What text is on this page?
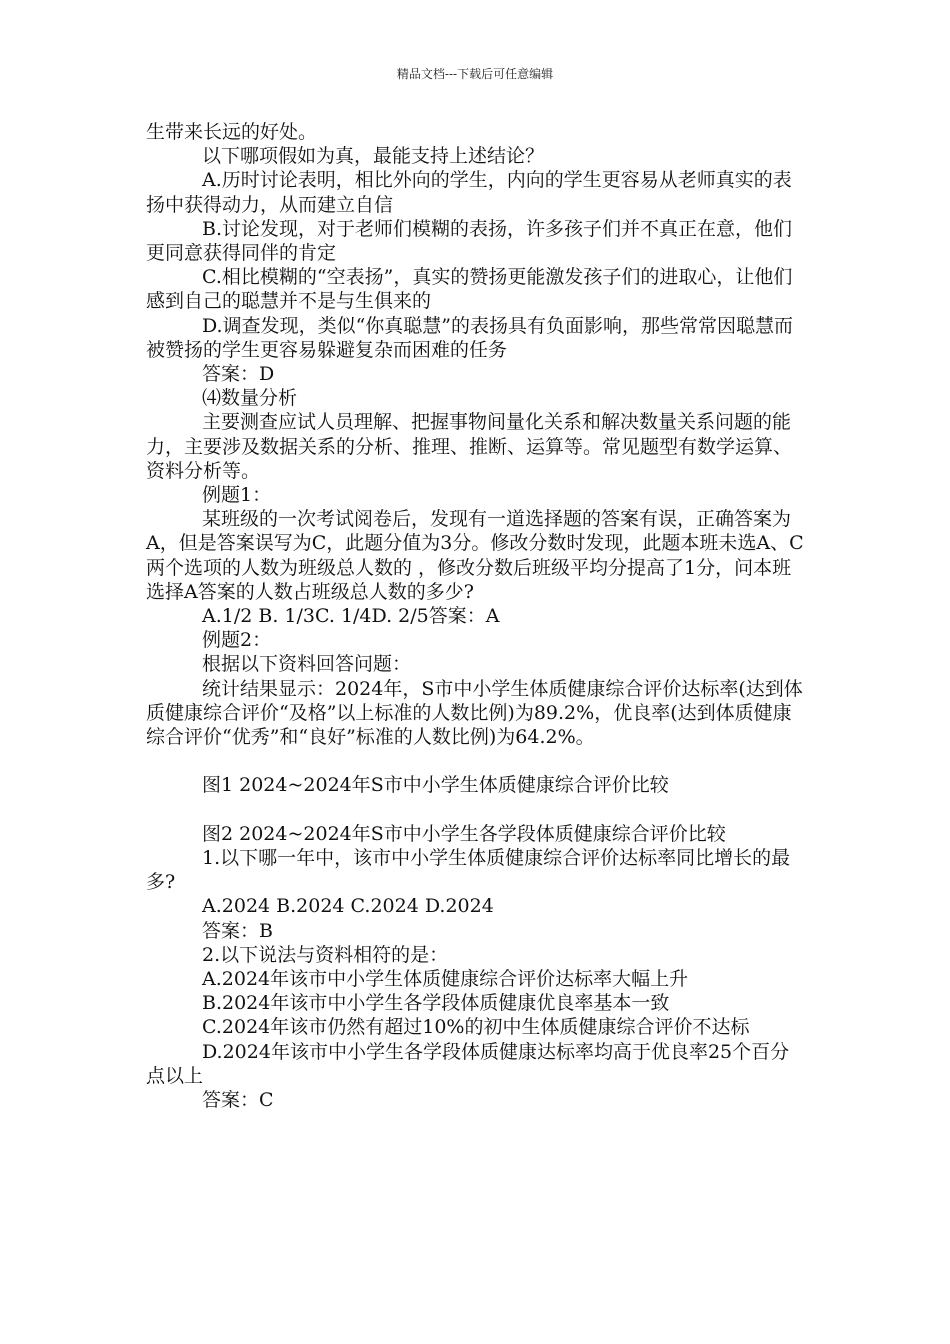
精品文档---下载后可任意编辑

生带来长远的好处。

以下哪项假如为真，最能支持上述结论？

A.历时讨论表明，相比外向的学生，内向的学生更容易从老师真实的表扬中获得动力，从而建立自信

B.讨论发现，对于老师们模糊的表扬，许多孩子们并不真正在意，他们更同意获得同伴的肯定

C.相比模糊的“空表扬”，真实的赞扬更能激发孩子们的进取心，让他们感到自己的聪慧并不是与生俱来的

D.调查发现，类似“你真聪慧”的表扬具有负面影响，那些常常因聪慧而被赞扬的学生更容易躲避复杂而困难的任务

答案：D

⑷数量分析

主要测查应试人员理解、把握事物间量化关系和解决数量关系问题的能力，主要涉及数据关系的分析、推理、推断、运算等。常见题型有数学运算、资料分析等。

例题1：

某班级的一次考试阅卷后，发现有一道选择题的答案有误，正确答案为A，但是答案误写为C，此题分值为3分。修改分数时发现，此题本班未选A、C两个选项的人数为班级总人数的 ，修改分数后班级平均分提高了1分，问本班选择A答案的人数占班级总人数的多少?

A.1/2 B. 1/3C. 1/4D. 2/5答案：A

例题2：

根据以下资料回答问题：

统计结果显示：2024年，S市中小学生体质健康综合评价达标率(达到体质健康综合评价“及格”以上标准的人数比例)为89.2%，优良率(达到体质健康综合评价“优秀”和“良好”标准的人数比例)为64.2%。

图1 2024~2024年S市中小学生体质健康综合评价比较

图2 2024~2024年S市中小学生各学段体质健康综合评价比较

1.以下哪一年中，该市中小学生体质健康综合评价达标率同比增长的最多?

A.2024 B.2024 C.2024 D.2024

答案：B

2.以下说法与资料相符的是：

A.2024年该市中小学生体质健康综合评价达标率大幅上升

B.2024年该市中小学生各学段体质健康优良率基本一致

C.2024年该市仍然有超过10%的初中生体质健康综合评价不达标

D.2024年该市中小学生各学段体质健康达标率均高于优良率25个百分点以上

答案：C
